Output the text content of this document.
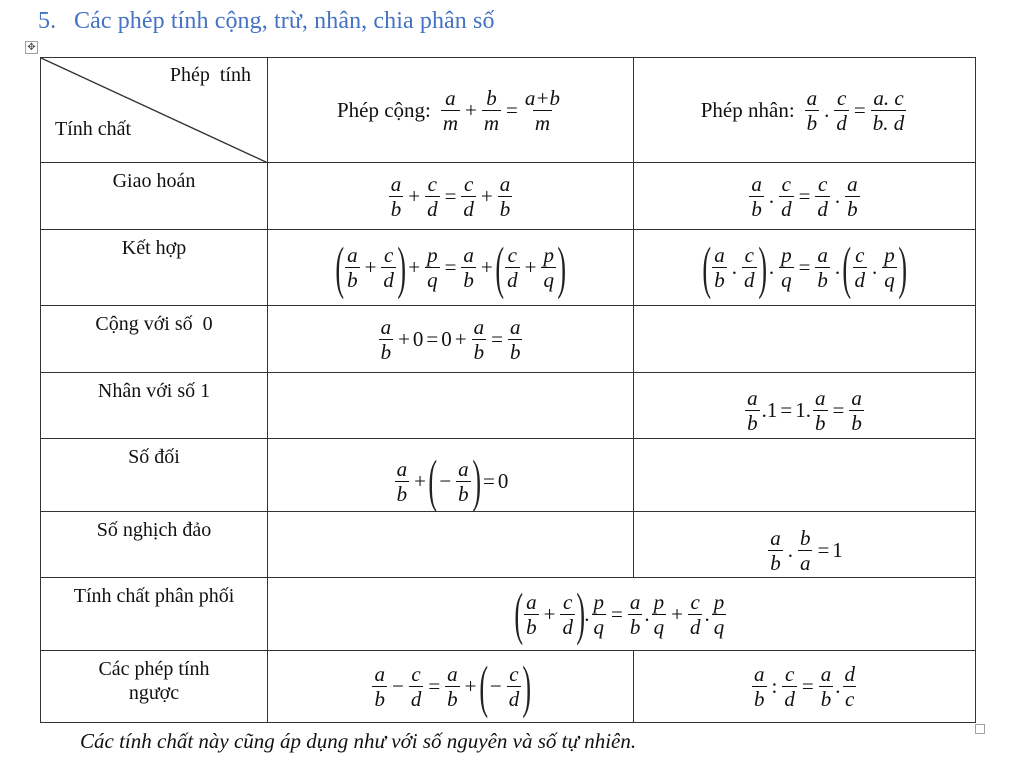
5. Các phép tính cộng, trừ, nhân, chia phân số
✥
Phép  tính
Tính chất

Phép cộng: $\frac{a}{m} + \frac{b}{m} = \frac{a+b}{m}$	Phép nhân: $\frac{a}{b}$ . $\frac{c}{d} = \frac{a. c}{b. d}$

Giao hoán	$\frac{a}{b} + \frac{c}{d} = \frac{c}{d} + \frac{a}{b}$	$\frac{a}{b}$ . $\frac{c}{d} = \frac{c}{d}$ . $\frac{a}{b}$

Kết hợp	( $\frac{a}{b} + \frac{c}{d}$ ) + $\frac{p}{q} = \frac{a}{b}$ + ( $\frac{c}{d} + \frac{p}{q}$ )	( $\frac{a}{b}$ . $\frac{c}{d}$ ) . $\frac{p}{q} = \frac{a}{b}$ . ( $\frac{c}{d}$ . $\frac{p}{q}$ )

Cộng với số  0	$\frac{a}{b} + 0 = 0 + \frac{a}{b} = \frac{a}{b}$

Nhân với số 1		$\frac{a}{b}$ . 1 = 1 . $\frac{a}{b} = \frac{a}{b}$

Số đối	$\frac{a}{b}$ + ( − $\frac{a}{b}$ ) = 0

Số nghịch đảo		$\frac{a}{b}$ . $\frac{b}{a} = 1$

Tính chất phân phối	( $\frac{a}{b} + \frac{c}{d}$ ) . $\frac{p}{q} = \frac{a}{b}$ . $\frac{p}{q} + \frac{c}{d}$ . $\frac{p}{q}$

Các phép tính
ngược	$\frac{a}{b} - \frac{c}{d} = \frac{a}{b}$ + ( − $\frac{c}{d}$ )	$\frac{a}{b}$ : $\frac{c}{d} = \frac{a}{b}$ . $\frac{d}{c}$
Các tính chất này cũng áp dụng như với số nguyên và số tự nhiên.
